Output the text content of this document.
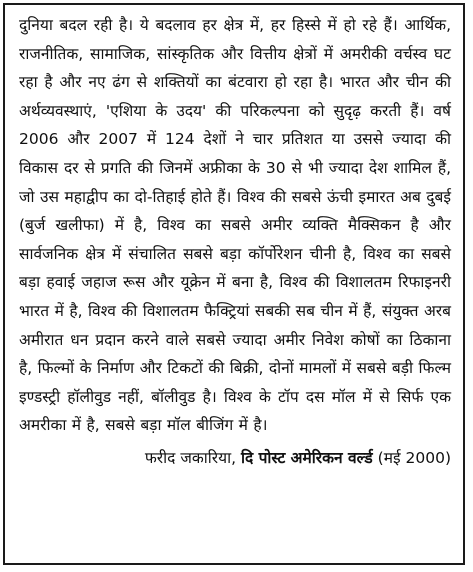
दुनिया बदल रही है। ये बदलाव हर क्षेत्र में, हर हिस्से में हो रहे हैं। आर्थिक, राजनीतिक, सामाजिक, सांस्कृतिक और वित्तीय क्षेत्रों में अमरीकी वर्चस्व घट रहा है और नए ढंग से शक्तियों का बंटवारा हो रहा है। भारत और चीन की अर्थव्यवस्थाएं, 'एशिया के उदय' की परिकल्पना को सुदृढ़ करती हैं। वर्ष 2006 और 2007 में 124 देशों ने चार प्रतिशत या उससे ज्यादा की विकास दर से प्रगति की जिनमें अफ्रीका के 30 से भी ज्यादा देश शामिल हैं, जो उस महाद्वीप का दो-तिहाई होते हैं। विश्व की सबसे ऊंची इमारत अब दुबई (बुर्ज खलीफा) में है, विश्व का सबसे अमीर व्यक्ति मैक्सिकन है और सार्वजनिक क्षेत्र में संचालित सबसे बड़ा कॉर्पोरेशन चीनी है, विश्व का सबसे बड़ा हवाई जहाज रूस और यूक्रेन में बना है, विश्व की विशालतम रिफाइनरी भारत में है, विश्व की विशालतम फैक्ट्रियां सबकी सब चीन में हैं, संयुक्त अरब अमीरात धन प्रदान करने वाले सबसे ज्यादा अमीर निवेश कोषों का ठिकाना है, फिल्मों के निर्माण और टिकटों की बिक्री, दोनों मामलों में सबसे बड़ी फिल्म इण्डस्ट्री हॉलीवुड नहीं, बॉलीवुड है। विश्व के टॉप दस मॉल में से सिर्फ एक अमरीका में है, सबसे बड़ा मॉल बीजिंग में है।

फरीद जकारिया, दि पोस्ट अमेरिकन वर्ल्ड (मई 2000)
